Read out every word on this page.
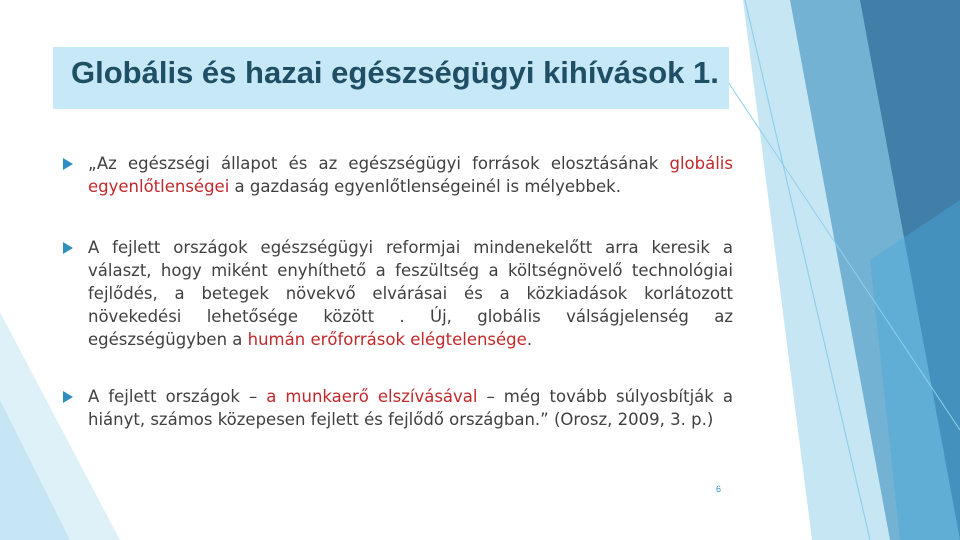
Globális és hazai egészségügyi kihívások 1.
„Az egészségi állapot és az egészségügyi források elosztásának globális egyenlőtlenségei a gazdaság egyenlőtlenségeinél is mélyebbek.
A fejlett országok egészségügyi reformjai mindenekelőtt arra keresik a választ, hogy miként enyhíthető a feszültség a költségnövelő technológiai fejlődés, a betegek növekvő elvárásai és a közkiadások korlátozott növekedési lehetősége között . Új, globális válságjelenség az egészségügyben a humán erőforrások elégtelensége.
A fejlett országok – a munkaerő elszívásával – még tovább súlyosbítják a hiányt, számos közepesen fejlett és fejlődő országban.” (Orosz, 2009, 3. p.)
6
